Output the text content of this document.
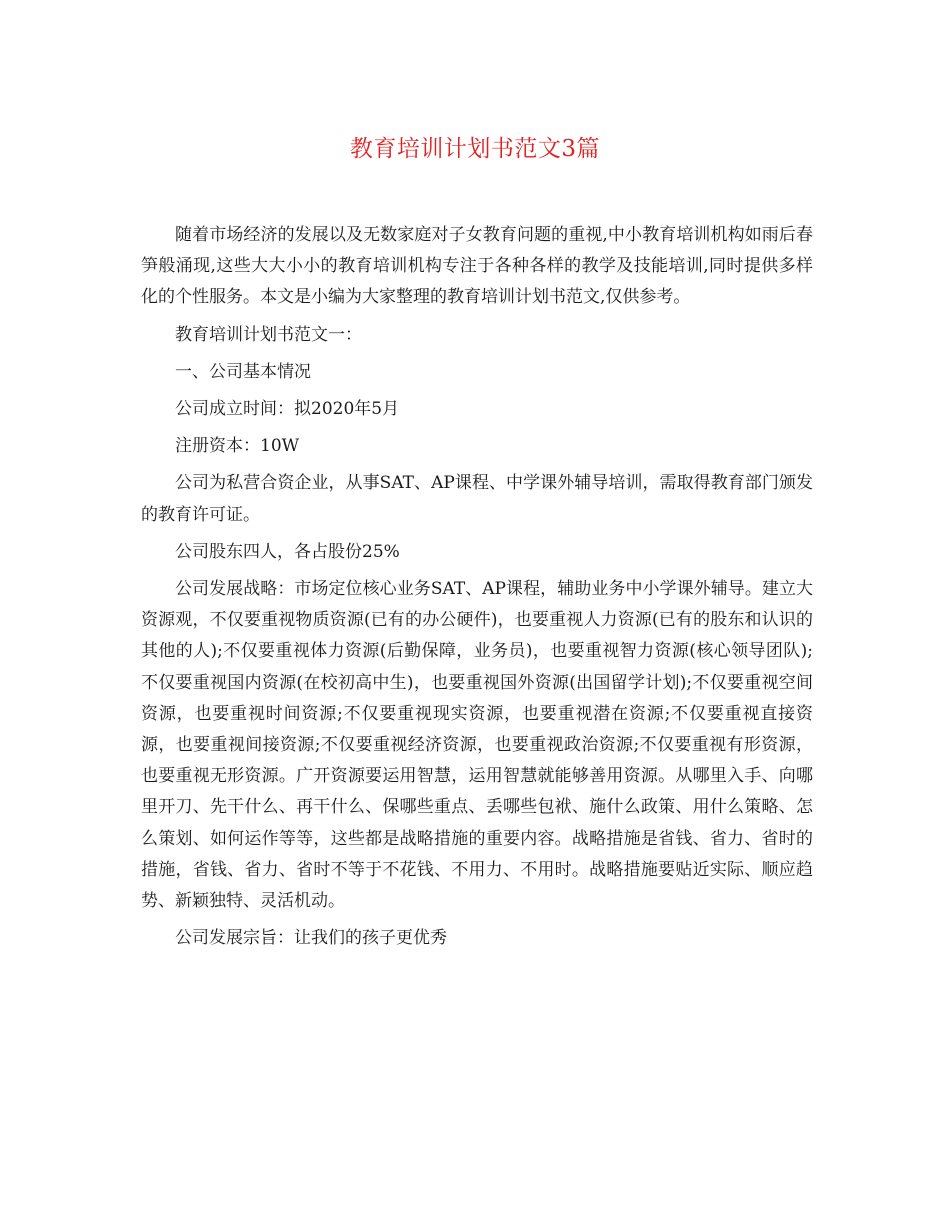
教育培训计划书范文3篇

随着市场经济的发展以及无数家庭对子女教育问题的重视,中小教育培训机构如雨后春笋般涌现,这些大大小小的教育培训机构专注于各种各样的教学及技能培训,同时提供多样化的个性服务。本文是小编为大家整理的教育培训计划书范文,仅供参考。

教育培训计划书范文一：

一、公司基本情况

公司成立时间：拟2020年5月

注册资本：10W

公司为私营合资企业，从事SAT、AP课程、中学课外辅导培训，需取得教育部门颁发的教育许可证。

公司股东四人，各占股份25%

公司发展战略：市场定位核心业务SAT、AP课程，辅助业务中小学课外辅导。建立大资源观，不仅要重视物质资源(已有的办公硬件)，也要重视人力资源(已有的股东和认识的其他的人);不仅要重视体力资源(后勤保障，业务员)，也要重视智力资源(核心领导团队);不仅要重视国内资源(在校初高中生)，也要重视国外资源(出国留学计划);不仅要重视空间资源，也要重视时间资源;不仅要重视现实资源，也要重视潜在资源;不仅要重视直接资源，也要重视间接资源;不仅要重视经济资源，也要重视政治资源;不仅要重视有形资源，也要重视无形资源。广开资源要运用智慧，运用智慧就能够善用资源。从哪里入手、向哪里开刀、先干什么、再干什么、保哪些重点、丢哪些包袱、施什么政策、用什么策略、怎么策划、如何运作等等，这些都是战略措施的重要内容。战略措施是省钱、省力、省时的措施，省钱、省力、省时不等于不花钱、不用力、不用时。战略措施要贴近实际、顺应趋势、新颖独特、灵活机动。

公司发展宗旨：让我们的孩子更优秀
